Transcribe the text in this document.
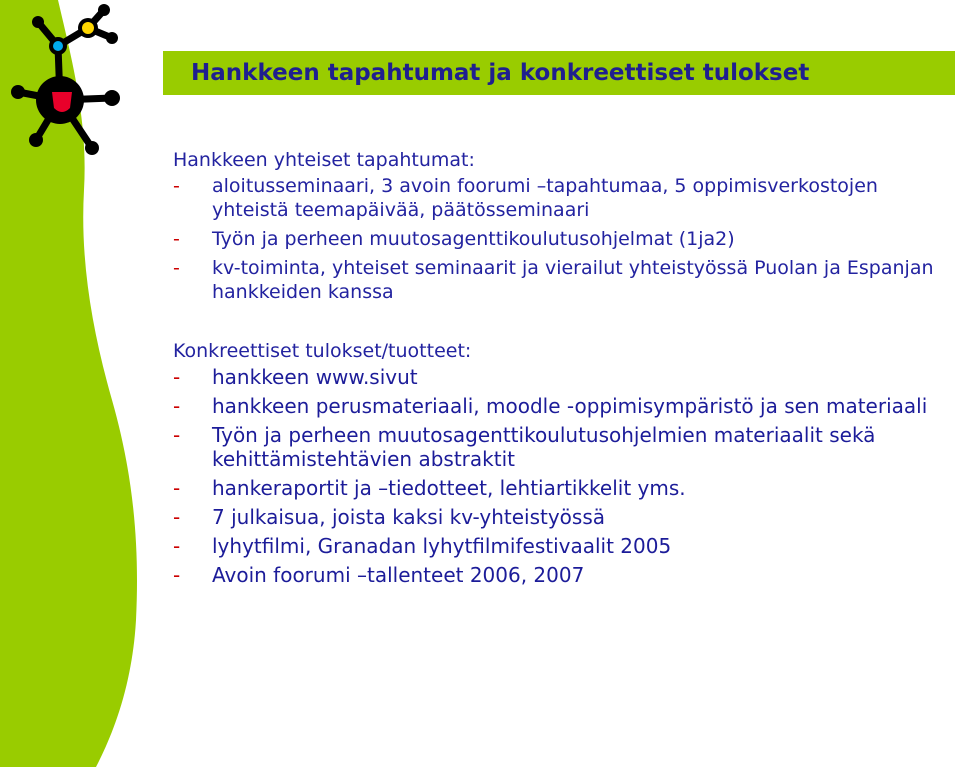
Hankkeen tapahtumat ja konkreettiset tulokset
Hankkeen yhteiset tapahtumat:
- aloitusseminaari, 3 avoin foorumi –tapahtumaa, 5 oppimisverkostojen yhteistä teemapäivää, päätösseminaari
- Työn ja perheen muutosagenttikoulutusohjelmat (1ja2)
- kv-toiminta, yhteiset seminaarit ja vierailut yhteistyössä Puolan ja Espanjan hankkeiden kanssa
Konkreettiset tulokset/tuotteet:
- hankkeen www.sivut
- hankkeen perusmateriaali, moodle -oppimisympäristö ja sen materiaali
- Työn ja perheen muutosagenttikoulutusohjelmien materiaalit sekä kehittämistehtävien abstraktit
- hankeraportit ja –tiedotteet, lehtiartikkelit yms.
- 7 julkaisua, joista kaksi kv-yhteistyössä
- lyhytfilmi, Granadan lyhytfilmifestivaalit 2005
- Avoin foorumi –tallenteet 2006, 2007
